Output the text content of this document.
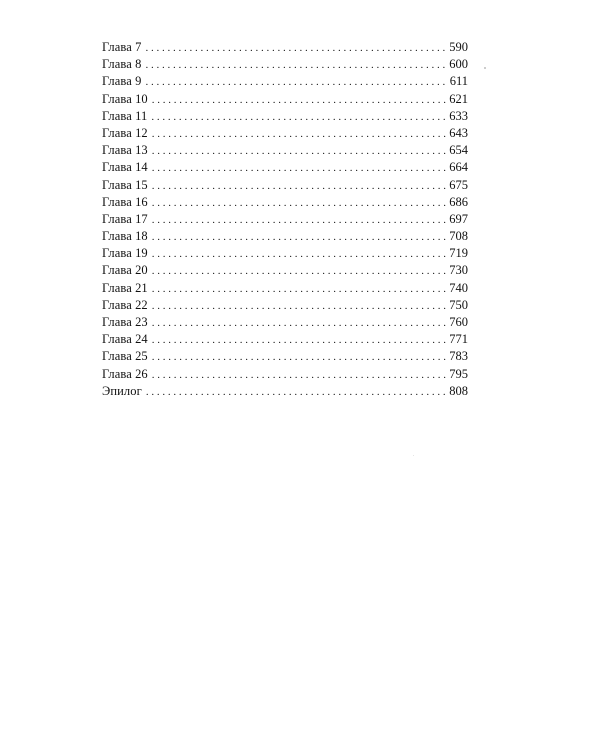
Глава 7 . . .	590
Глава 8 . . .	600
Глава 9 . . .	611
Глава 10 . . .	621
Глава 11 . . .	633
Глава 12 . . .	643
Глава 13 . . .	654
Глава 14 . . .	664
Глава 15 . . .	675
Глава 16 . . .	686
Глава 17 . . .	697
Глава 18 . . .	708
Глава 19 . . .	719
Глава 20 . . .	730
Глава 21 . . .	740
Глава 22 . . .	750
Глава 23 . . .	760
Глава 24 . . .	771
Глава 25 . . .	783
Глава 26 . . .	795
Эпилог . . .	808
